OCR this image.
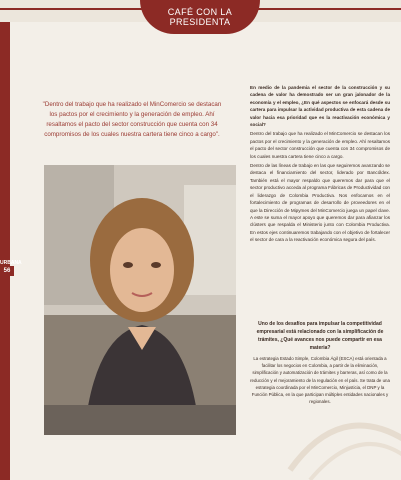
CAFÉ CON LA
PRESIDENTA
URBANA
56
"Dentro del trabajo que ha realizado el MinComercio se destacan los pactos por el crecimiento y la generación de empleo. Ahí resaltamos el pacto del sector construcción que cuenta con 34 compromisos de los cuales nuestra cartera tiene cinco a cargo".

En medio de la pandemia el sector de la construcción y su cadena de valor ha demostrado ser un gran jalonador de la economía y el empleo, ¿En qué aspectos se enfocará desde su cartera para impulsar la actividad productiva de esta cadena de valor hacia esa prioridad que es la reactivación económica y social?

Dentro del trabajo que ha realizado el MinComercio se destacan los pactos por el crecimiento y la generación de empleo. Ahí resaltamos el pacto del sector construcción que cuenta con 34 compromisos de los cuales nuestra cartera tiene cinco a cargo.

Dentro de las líneas de trabajo en las que seguiremos avanzando se destaca el financiamiento del sector, liderado por Bancóldex. También está el mayor respaldo que queremos dar para que el sector productivo acceda al programa Fábricas de Productividad con el liderazgo de Colombia Productiva. Nos enfocamos en el fortalecimiento de programas de desarrollo de proveedores en el que la Dirección de Mipymes del MinComercio juega un papel clave. A este se suma el mayor apoyo que queremos dar para afianzar los clústers que respalda el Ministerio junto con Colombia Productiva. En estos ejes continuaremos trabajando con el objetivo de fortalecer el sector de cara a la reactivación económica segura del país.

Uno de los desafíos para impulsar la competitividad empresarial está relacionado con la simplificación de trámites, ¿Qué avances nos puede compartir en esa materia?
La estrategia Estado Simple, Colombia Ágil (ESCA) está orientada a facilitar los negocios en Colombia, a partir de la eliminación, simplificación y automatización de trámites y barreras, así como de la reducción y el mejoramiento de la regulación en el país. Se trata de una estrategia coordinada por el MinComercio, Minjusticia, el DNP y la Función Pública, en la que participan múltiples entidades nacionales y regionales.
